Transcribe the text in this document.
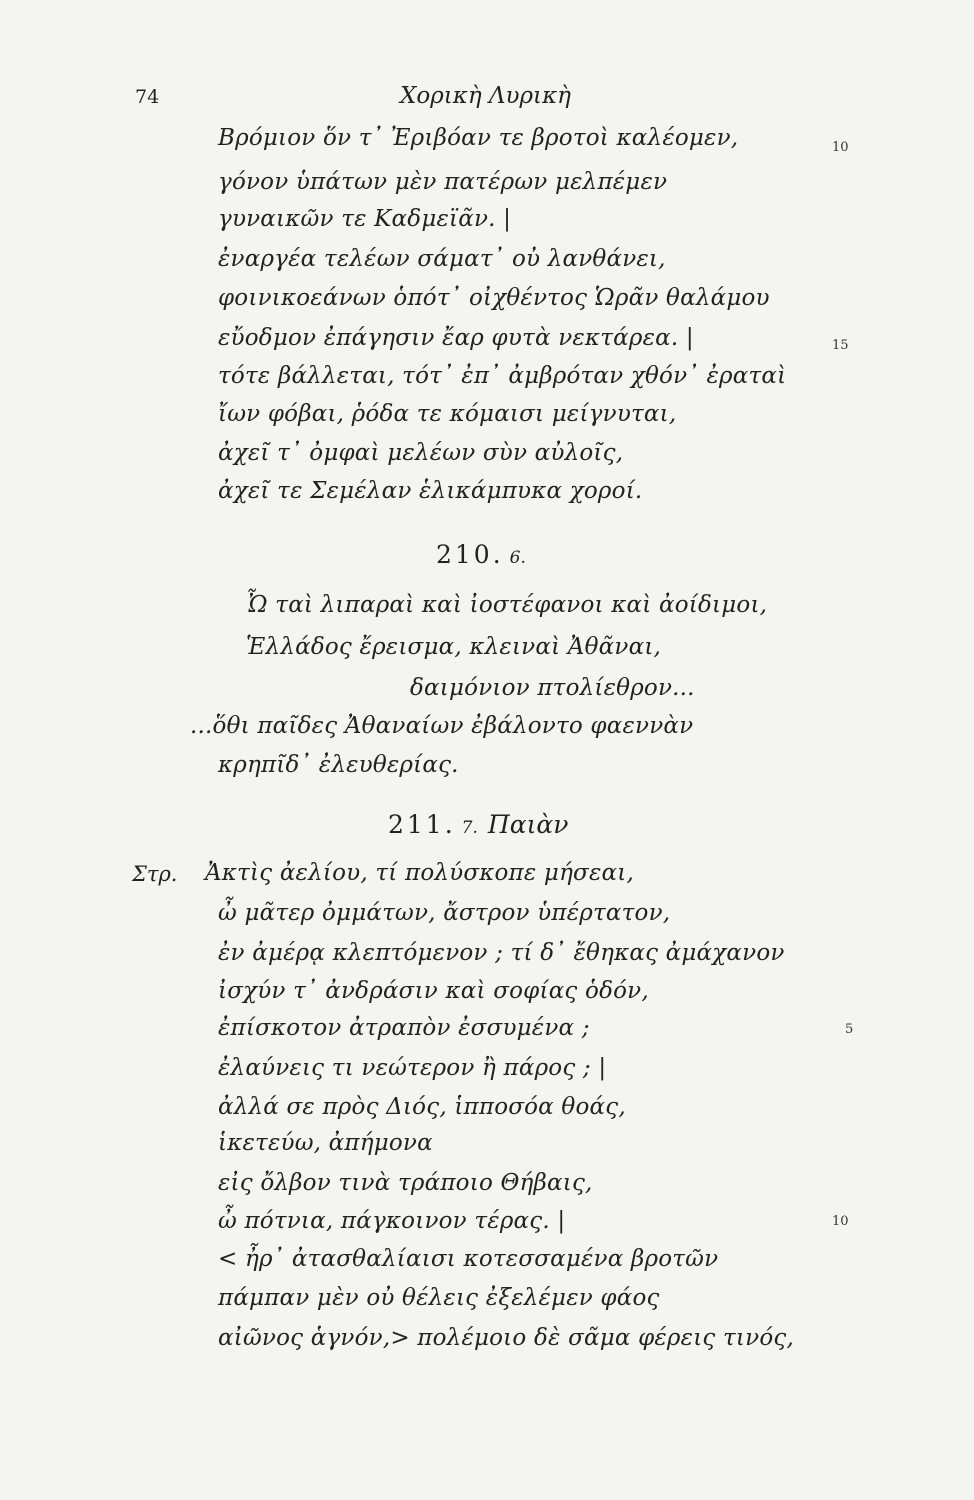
74	Χορικὴ Λυρικὴ
Βρόμιον ὅν τ᾽ Ἐριβόαν τε βροτοὶ καλέομεν,
γόνον ὑπάτων μὲν πατέρων μελπέμεν
γυναικῶν τε Καδμεϊᾶν. |
ἐναργέα τελέων σάματ᾽ οὐ λανθάνει,
φοινικοεάνων ὁπότ᾽ οἰχθέντος Ὡρᾶν θαλάμου
εὔοδμον ἐπάγησιν ἔαρ φυτὰ νεκτάρεα. |
τότε βάλλεται, τότ᾽ ἐπ᾽ ἀμβρόταν χθόν᾽ ἐραταὶ
ἴων φόβαι, ῥόδα τε κόμαισι μείγνυται,
ἀχεῖ τ᾽ ὀμφαὶ μελέων σὺν αὐλοῖς,
ἀχεῖ τε Σεμέλαν ἑλικάμπυκα χοροί.
10
15
210. 6.
Ὦ ταὶ λιπαραὶ καὶ ἰοστέφανοι καὶ ἀοίδιμοι,
Ἑλλάδος ἔρεισμα, κλειναὶ Ἀθᾶναι,
δαιμόνιον πτολίεθρον...
...ὅθι παῖδες Ἀθαναίων ἐβάλοντο φαεννὰν
κρηπῖδ᾽ ἐλευθερίας.
211. 7. Παιὰν
Στρ. Ἀκτὶς ἀελίου, τί πολύσκοπε μήσεαι,
ὦ μᾶτερ ὀμμάτων, ἄστρον ὑπέρτατον,
ἐν ἀμέρᾳ κλεπτόμενον ; τί δ᾽ ἔθηκας ἀμάχανον
ἰσχύν τ᾽ ἀνδράσιν καὶ σοφίας ὁδόν,
ἐπίσκοτον ἀτραπὸν ἐσσυμένα ;
ἐλαύνεις τι νεώτερον ἢ πάρος ; |
ἀλλά σε πρὸς Διός, ἱπποσόα θοάς,
ἱκετεύω, ἀπήμονα
εἰς ὄλβον τινὰ τράποιο Θήβαις,
ὦ πότνια, πάγκοινον τέρας. |
< ἦρ᾽ ἀτασθαλίαισι κοτεσσαμένα βροτῶν
πάμπαν μὲν οὐ θέλεις ἐξελέμεν φάος
αἰῶνος ἁγνόν,> πολέμοιο δὲ σᾶμα φέρεις τινός,
5
10
